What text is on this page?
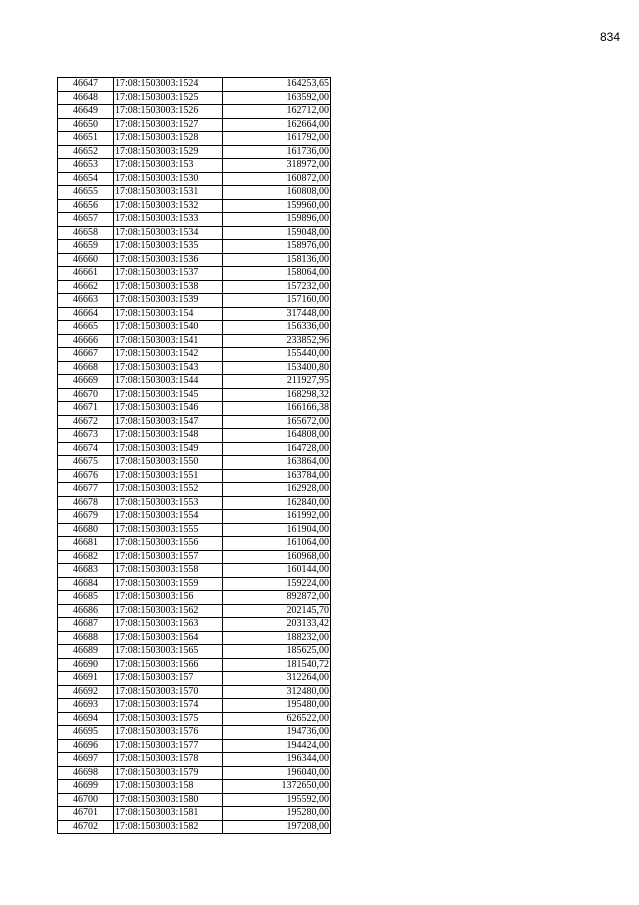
834
46647	17:08:1503003:1524	164253,65
46648	17:08:1503003:1525	163592,00
46649	17:08:1503003:1526	162712,00
46650	17:08:1503003:1527	162664,00
46651	17:08:1503003:1528	161792,00
46652	17:08:1503003:1529	161736,00
46653	17:08:1503003:153	318972,00
46654	17:08:1503003:1530	160872,00
46655	17:08:1503003:1531	160808,00
46656	17:08:1503003:1532	159960,00
46657	17:08:1503003:1533	159896,00
46658	17:08:1503003:1534	159048,00
46659	17:08:1503003:1535	158976,00
46660	17:08:1503003:1536	158136,00
46661	17:08:1503003:1537	158064,00
46662	17:08:1503003:1538	157232,00
46663	17:08:1503003:1539	157160,00
46664	17:08:1503003:154	317448,00
46665	17:08:1503003:1540	156336,00
46666	17:08:1503003:1541	233852,96
46667	17:08:1503003:1542	155440,00
46668	17:08:1503003:1543	153400,80
46669	17:08:1503003:1544	211927,95
46670	17:08:1503003:1545	168298,32
46671	17:08:1503003:1546	166166,38
46672	17:08:1503003:1547	165672,00
46673	17:08:1503003:1548	164808,00
46674	17:08:1503003:1549	164728,00
46675	17:08:1503003:1550	163864,00
46676	17:08:1503003:1551	163784,00
46677	17:08:1503003:1552	162928,00
46678	17:08:1503003:1553	162840,00
46679	17:08:1503003:1554	161992,00
46680	17:08:1503003:1555	161904,00
46681	17:08:1503003:1556	161064,00
46682	17:08:1503003:1557	160968,00
46683	17:08:1503003:1558	160144,00
46684	17:08:1503003:1559	159224,00
46685	17:08:1503003:156	892872,00
46686	17:08:1503003:1562	202145,70
46687	17:08:1503003:1563	203133,42
46688	17:08:1503003:1564	188232,00
46689	17:08:1503003:1565	185625,00
46690	17:08:1503003:1566	181540,72
46691	17:08:1503003:157	312264,00
46692	17:08:1503003:1570	312480,00
46693	17:08:1503003:1574	195480,00
46694	17:08:1503003:1575	626522,00
46695	17:08:1503003:1576	194736,00
46696	17:08:1503003:1577	194424,00
46697	17:08:1503003:1578	196344,00
46698	17:08:1503003:1579	196040,00
46699	17:08:1503003:158	1372650,00
46700	17:08:1503003:1580	195592,00
46701	17:08:1503003:1581	195280,00
46702	17:08:1503003:1582	197208,00
